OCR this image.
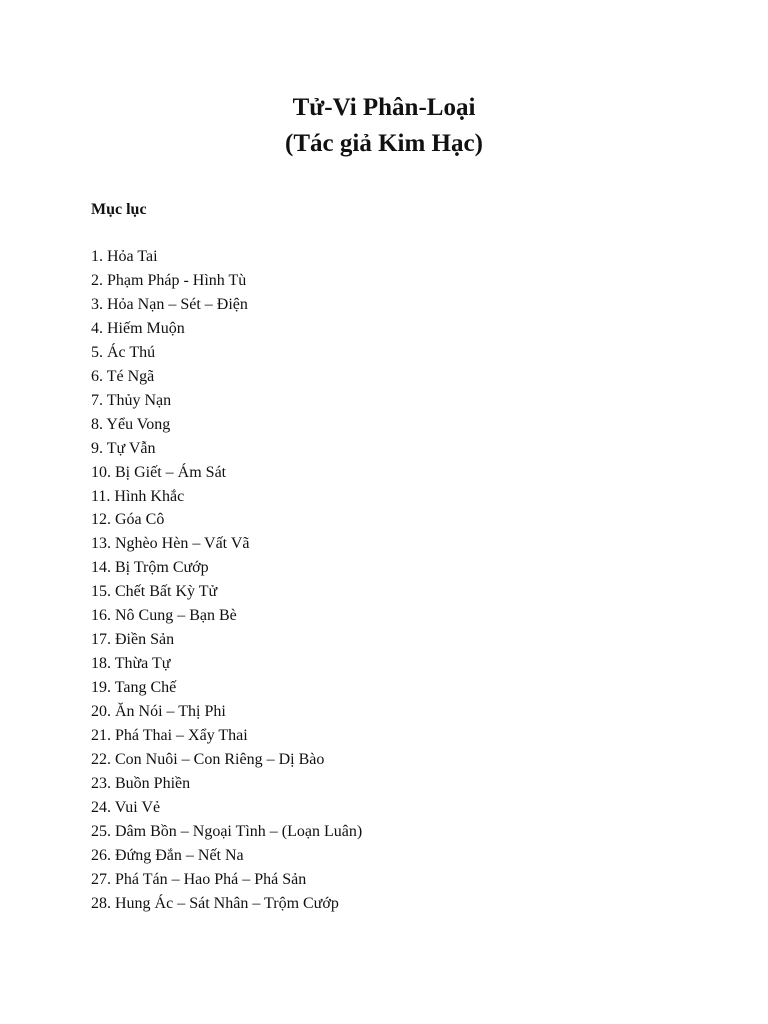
Tử-Vi Phân-Loại
(Tác giả Kim Hạc)
Mục lục
1. Hỏa Tai
2. Phạm Pháp - Hình Tù
3. Hỏa Nạn – Sét – Điện
4. Hiếm Muộn
5. Ác Thú
6. Té Ngã
7. Thủy Nạn
8. Yểu Vong
9. Tự Vẫn
10. Bị Giết – Ám Sát
11. Hình Khắc
12. Góa Cô
13. Nghèo Hèn – Vất Vã
14. Bị Trộm Cướp
15. Chết Bất Kỳ Tử
16. Nô Cung – Bạn Bè
17. Điền Sản
18. Thừa Tự
19. Tang Chế
20. Ăn Nói – Thị Phi
21. Phá Thai – Xẩy Thai
22. Con Nuôi – Con Riêng – Dị Bào
23. Buồn Phiền
24. Vui Vẻ
25. Dâm Bồn – Ngoại Tình – (Loạn Luân)
26. Đứng Đắn – Nết Na
27. Phá Tán – Hao Phá – Phá Sản
28. Hung Ác – Sát Nhân – Trộm Cướp
